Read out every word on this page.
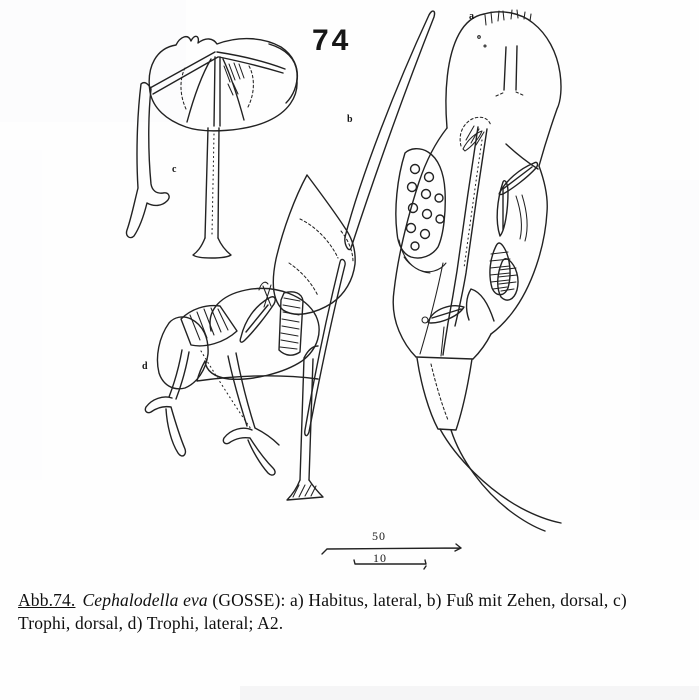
74
a
b
c
d
50
10

Abb.74. Cephalodella eva (GOSSE): a) Habitus, lateral, b) Fuß mit Zehen, dorsal, c) Trophi, dorsal, d) Trophi, lateral; A2.
